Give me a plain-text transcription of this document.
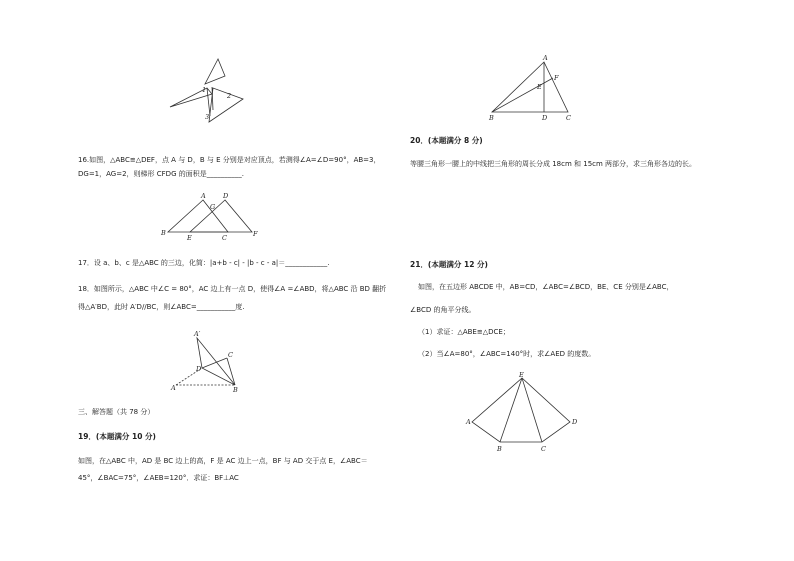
1
2
3
16.如图，△ABC≌△DEF，点 A 与 D，B 与 E 分别是对应顶点，若测得∠A=∠D=90°，AB=3，
DG=1，AG=2，则梯形 CFDG 的面积是__________.
A	D
G
B
E	C	F
17．设 a、b、c 是△ABC 的三边，化简：|a+b - c| - |b - c - a|＝____________.
18．如图所示，△ABC 中∠C = 80°，AC 边上有一点 D，使得∠A =∠ABD，将△ABC 沿 BD 翻折
得△A′BD，此时 A′D//BC，则∠ABC=___________度.
A′
C
D
A	B
三、解答题（共 78 分）
19．(本题满分 10 分)
如图，在△ABC 中，AD 是 BC 边上的高，F 是 AC 边上一点，BF 与 AD 交于点 E，∠ABC＝
45°，∠BAC=75°，∠AEB=120°．求证：BF⊥AC
A
F
E
B	D	C
20．(本题满分 8 分)
等腰三角形一腰上的中线把三角形的周长分成 18cm 和 15cm 两部分，求三角形各边的长。
21．(本题满分 12 分)
如图，在五边形 ABCDE 中，AB=CD，∠ABC=∠BCD，BE、CE 分别是∠ABC，
∠BCD 的角平分线。
（1）求证：△ABE≌△DCE；
（2）当∠A=80°，∠ABC=140°时，求∠AED 的度数。
E
A	D
B	C
